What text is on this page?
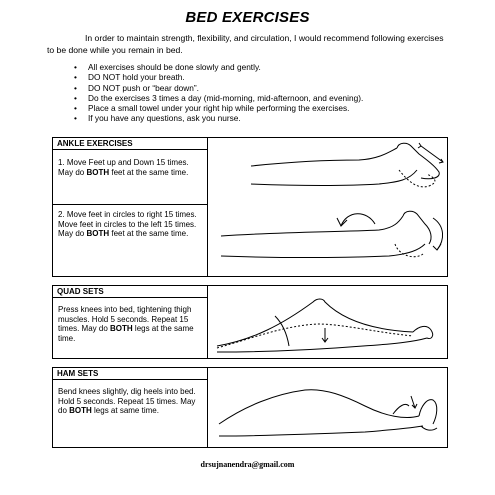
BED EXERCISES
In order to maintain strength, flexibility, and circulation, I would recommend following exercises to be done while you remain in bed.
• All exercises should be done slowly and gently.
• DO NOT hold your breath.
• DO NOT push or “bear down”.
• Do the exercises 3 times a day (mid-morning, mid-afternoon, and evening).
• Place a small towel under your right hip while performing the exercises.
• If you have any questions, ask you nurse.
ANKLE EXERCISES
1. Move Feet up and Down 15 times. May do BOTH feet at the same time.
2. Move feet in circles to right 15 times. Move feet in circles to the left 15 times. May do BOTH feet at the same time.
QUAD SETS
Press knees into bed, tightening thigh muscles. Hold 5 seconds. Repeat 15 times. May do BOTH legs at the same time.
HAM SETS
Bend knees slightly, dig heels into bed. Hold 5 seconds. Repeat 15 times. May do BOTH legs at same time.
drsujnanendra@gmail.com
